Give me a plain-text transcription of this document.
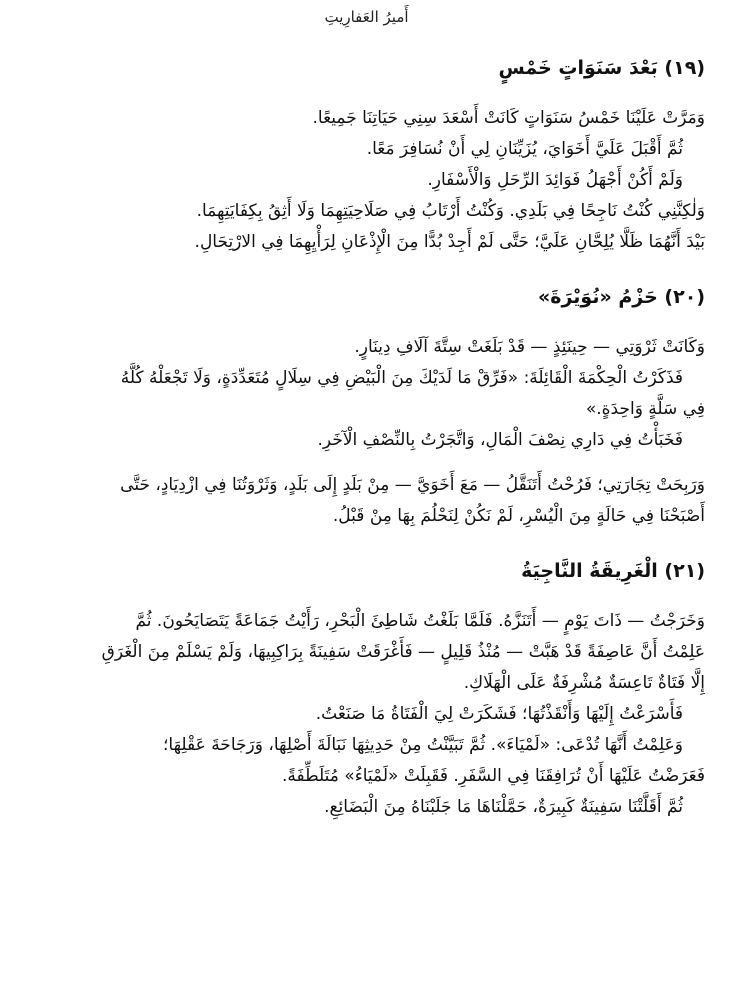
أَميرُ العَفارِيتِ
(١٩) بَعْدَ سَنَوَاتٍ خَمْسٍ

وَمَرَّتْ عَلَيْنَا خَمْسُ سَنَوَاتٍ كَانَتْ أَسْعَدَ سِنِي حَيَاتِنَا جَمِيعًا.

ثُمَّ أَقْبَلَ عَلَيَّ أَخَوَايَ، يُزَيِّنَانِ لِي أَنْ نُسَافِرَ مَعًا.

وَلَمْ أَكُنْ أَجْهَلُ فَوَائِدَ الرِّحَلِ وَالْأَسْفَارِ.

وَلٰكِنَّنِي كُنْتُ نَاجِحًا فِي بَلَدِي. وَكُنْتُ أَرْتَابُ فِي صَلَاحِيَتِهِمَا وَلَا أَثِقُ بِكِفَايَتِهِمَا.

بَيْدَ أَنَّهُمَا ظَلَّا يُلِحَّانِ عَلَيَّ؛ حَتَّى لَمْ أَجِدْ بُدًّا مِنَ الْإِذْعَانِ لِرَأْيِهِمَا فِي الارْتِحَالِ.

(٢٠) حَزْمُ «نُوَيْرَةَ»

وَكَانَتْ ثَرْوَتِي — حِينَئِذٍ — قَدْ بَلَغَتْ سِتَّةَ آلَافِ دِينَارٍ.

فَذَكَرْتُ الْحِكْمَةَ الْقَائِلَةَ: «فَرِّقْ مَا لَدَيْكَ مِنَ الْبَيْضِ فِي سِلَالٍ مُتَعَدِّدَةٍ، وَلَا تَجْعَلْهُ كُلَّهُ

فِي سَلَّةٍ وَاحِدَةٍ.»

فَخَبَأْتُ فِي دَارِي نِصْفَ الْمَالِ، وَاتَّجَرْتُ بِالنِّصْفِ الْآخَرِ.

وَرَبِحَتْ تِجَارَتِي؛ فَرُحْتُ أَتَنَقَّلُ — مَعَ أَخَوَيَّ — مِنْ بَلَدٍ إِلَى بَلَدٍ، وَثَرْوَتُنَا فِي ازْدِيَادٍ، حَتَّى

أَصْبَحْنَا فِي حَالَةٍ مِنَ الْيُسْرِ، لَمْ نَكُنْ لِنَحْلُمَ بِهَا مِنْ قَبْلُ.

(٢١) الْغَرِيقَةُ النَّاجِيَةُ

وَخَرَجْتُ — ذَاتَ يَوْمٍ — أَتَنَزَّهُ. فَلَمَّا بَلَغْتُ شَاطِئَ الْبَحْرِ، رَأَيْتُ جَمَاعَةً يَتَصَايَحُونَ. ثُمَّ

عَلِمْتُ أَنَّ عَاصِفَةً قَدْ هَبَّتْ — مُنْذُ قَلِيلٍ — فَأَغْرَقَتْ سَفِينَةً بِرَاكِبِيهَا، وَلَمْ يَسْلَمْ مِنَ الْغَرَقِ

إِلَّا فَتَاةٌ تَاعِسَةٌ مُشْرِفَةٌ عَلَى الْهَلَاكِ.

فَأَسْرَعْتُ إِلَيْهَا وَأَنْقَذْتُهَا؛ فَشَكَرَتْ لِيَ الْفَتَاةُ مَا صَنَعْتُ.

وَعَلِمْتُ أَنَّهَا تُدْعَى: «لَمْيَاءَ». ثُمَّ تَبَيَّنْتُ مِنْ حَدِيثِهَا نَبَالَةَ أَصْلِهَا، وَرَجَاحَةَ عَقْلِهَا؛

فَعَرَضْتُ عَلَيْهَا أَنْ تُرَافِقَنَا فِي السَّفَرِ. فَقَبِلَتْ «لَمْيَاءُ» مُتَلَطِّفَةً.

ثُمَّ أَقَلَّتْنَا سَفِينَةٌ كَبِيرَةٌ، حَمَّلْنَاهَا مَا جَلَبْنَاهُ مِنَ الْبَضَائِعِ.
